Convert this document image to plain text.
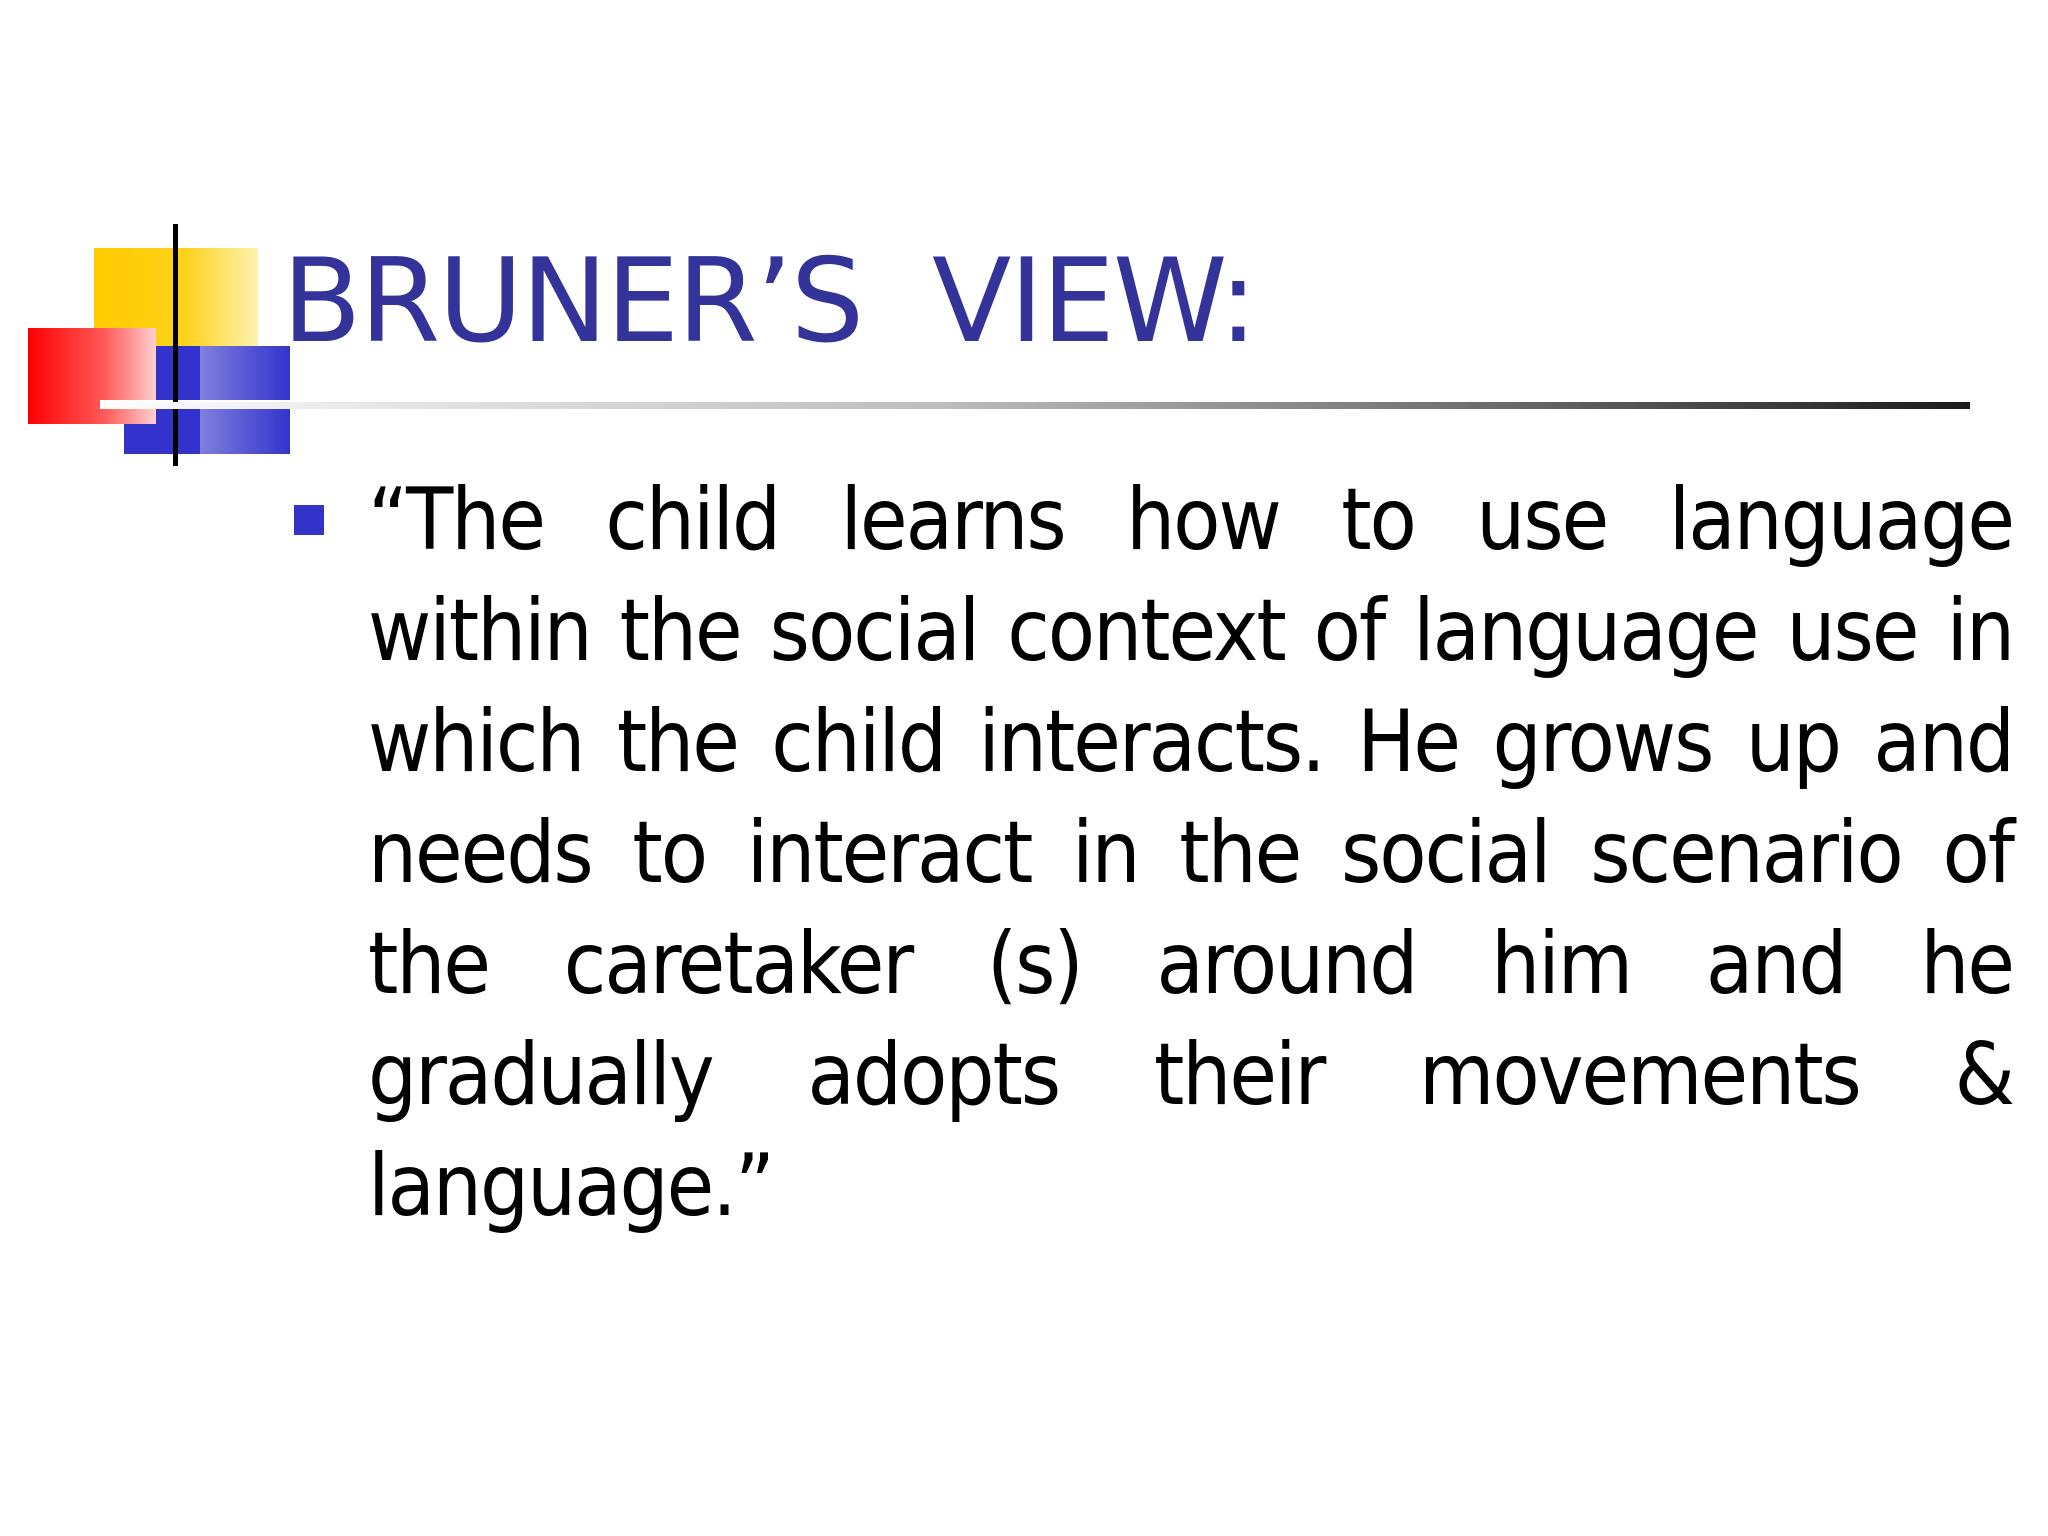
BRUNER’S  VIEW:
“The child learns how to use language within the social context of language use in which the child interacts. He grows up and needs to interact in the social scenario of the caretaker (s) around him and he gradually adopts their movements & language.”
